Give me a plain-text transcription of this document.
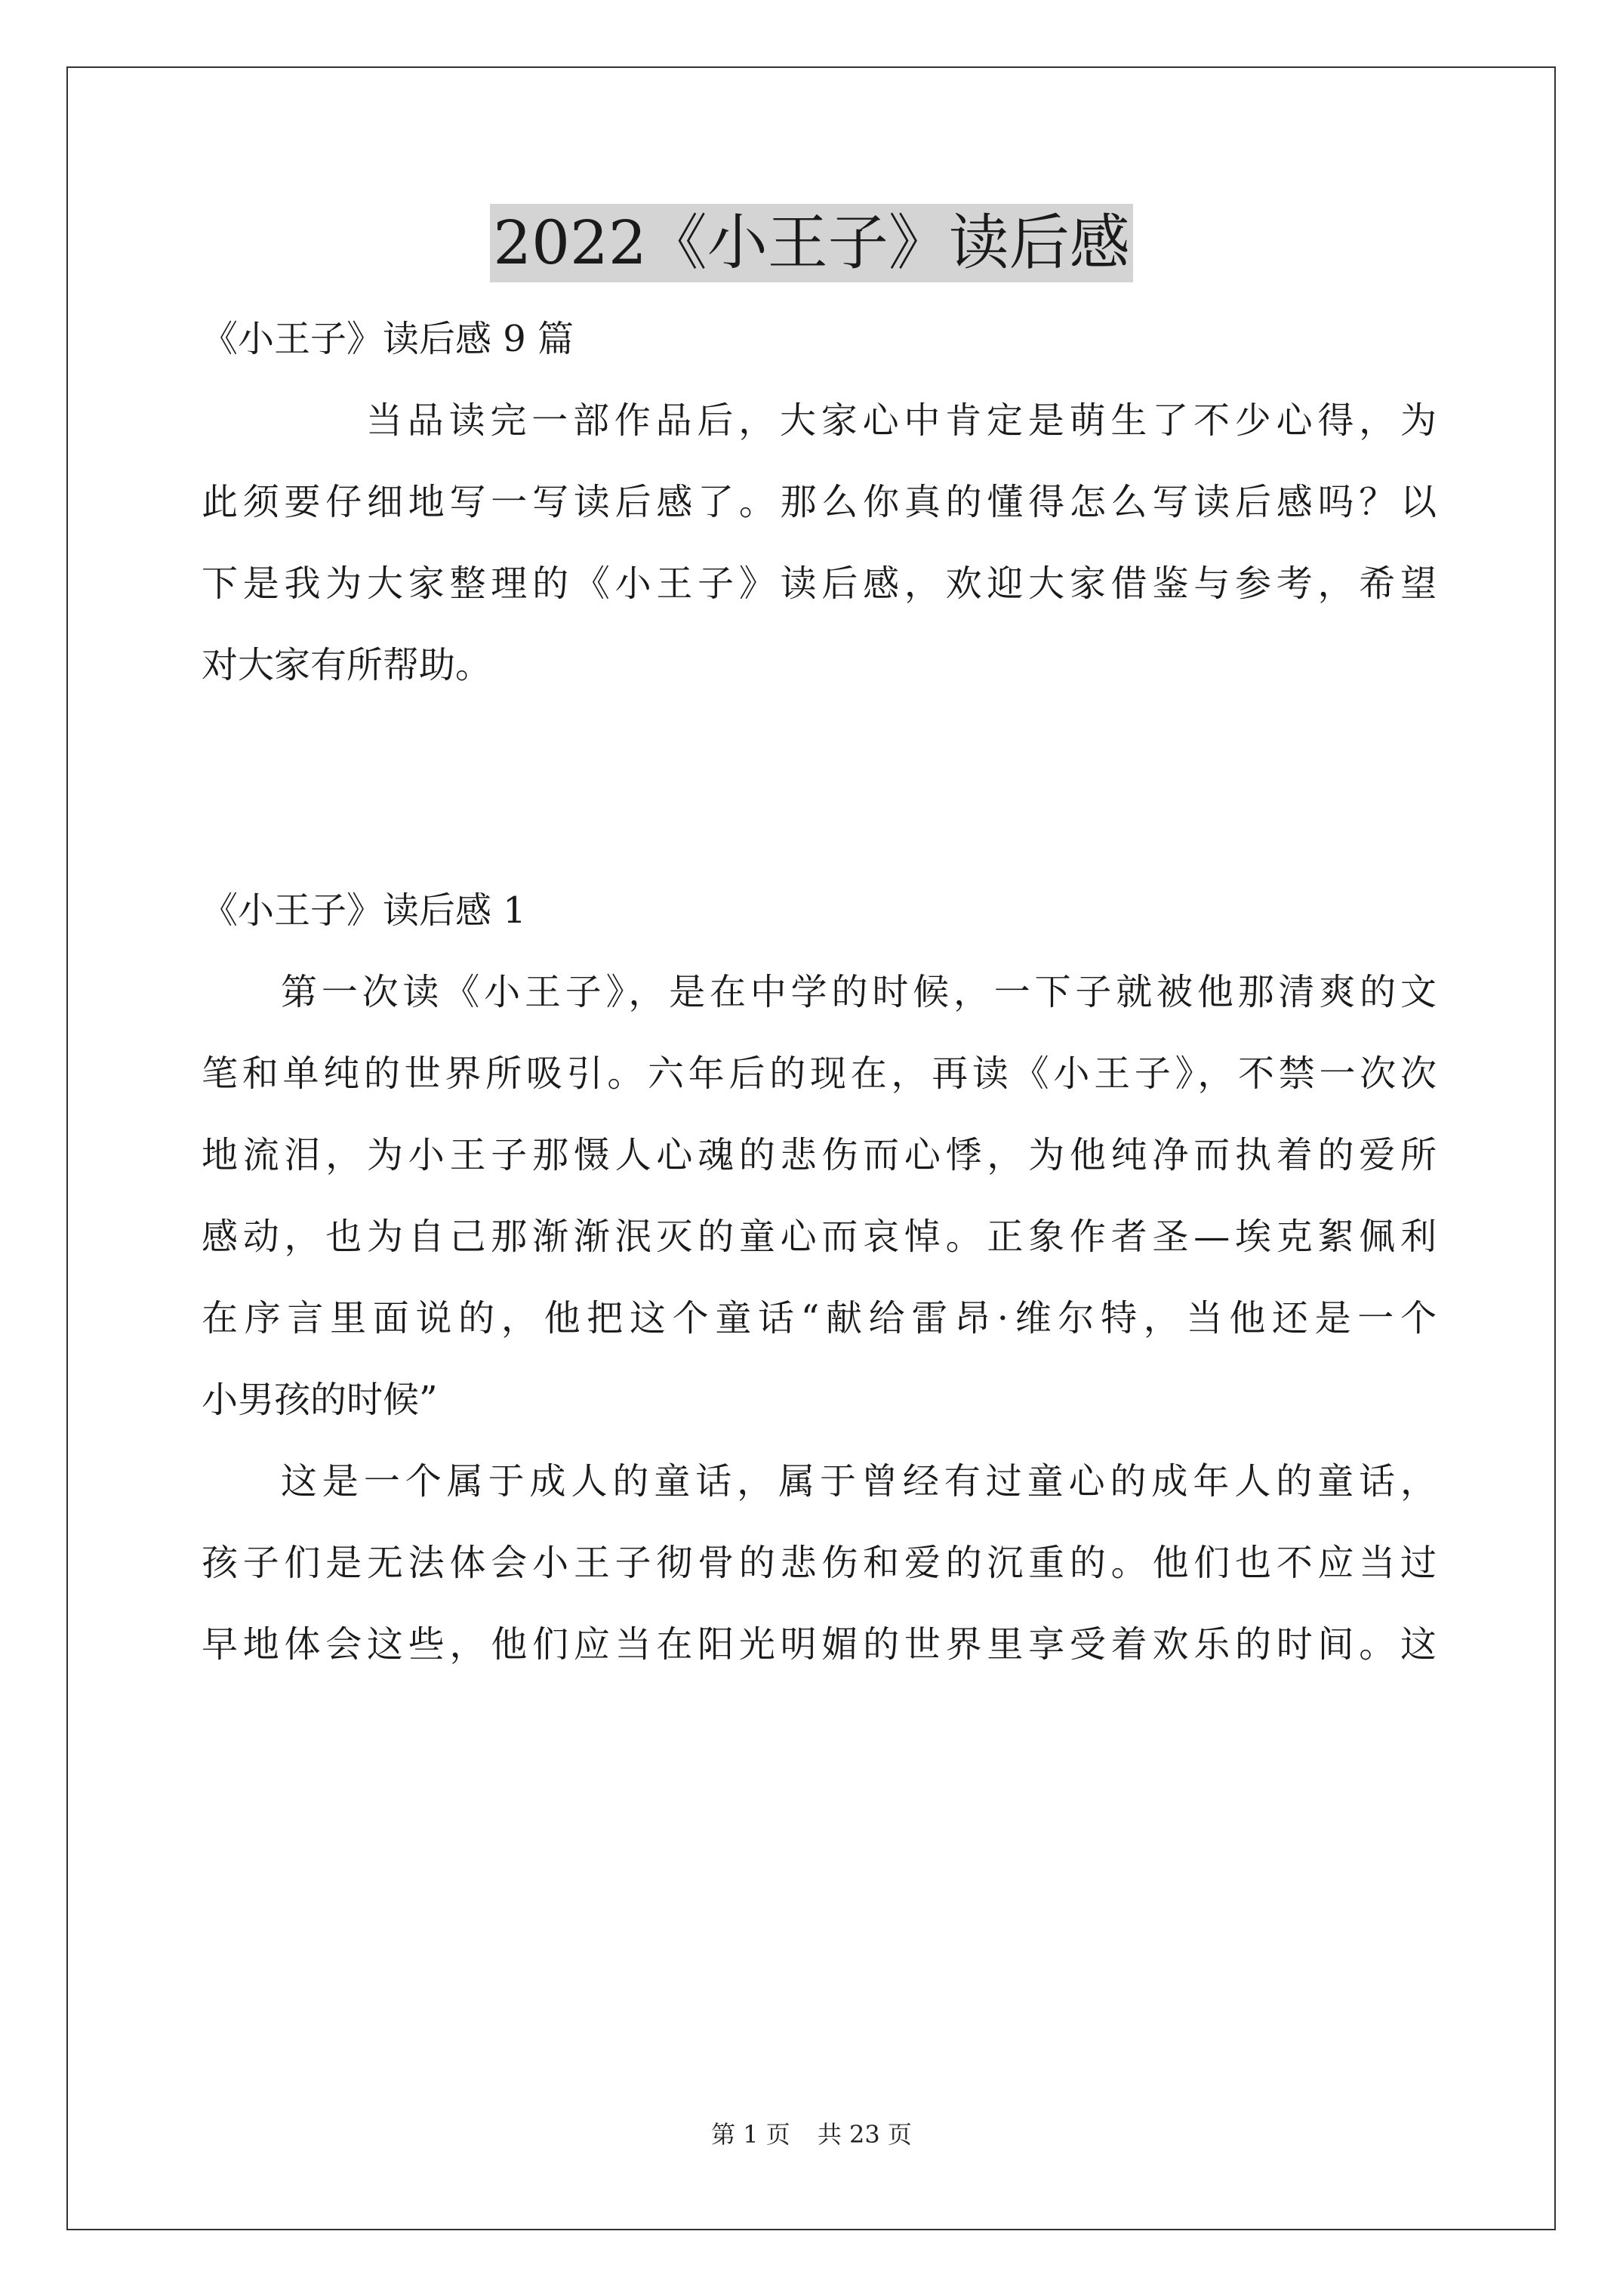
2022《小王子》读后感
《小王子》读后感 9 篇
当品读完一部作品后，大家心中肯定是萌生了不少心得，为
此须要仔细地写一写读后感了。那么你真的懂得怎么写读后感吗？以
下是我为大家整理的《小王子》读后感，欢迎大家借鉴与参考，希望
对大家有所帮助。
《小王子》读后感 1
第一次读《小王子》，是在中学的时候，一下子就被他那清爽的文
笔和单纯的世界所吸引。六年后的现在，再读《小王子》，不禁一次次
地流泪，为小王子那慑人心魂的悲伤而心悸，为他纯净而执着的爱所
感动，也为自己那渐渐泯灭的童心而哀悼。正象作者圣—埃克絮佩利
在序言里面说的，他把这个童话“献给雷昂·维尔特，当他还是一个
小男孩的时候”
这是一个属于成人的童话，属于曾经有过童心的成年人的童话，
孩子们是无法体会小王子彻骨的悲伤和爱的沉重的。他们也不应当过
早地体会这些，他们应当在阳光明媚的世界里享受着欢乐的时间。这
第 1 页 共 23 页
